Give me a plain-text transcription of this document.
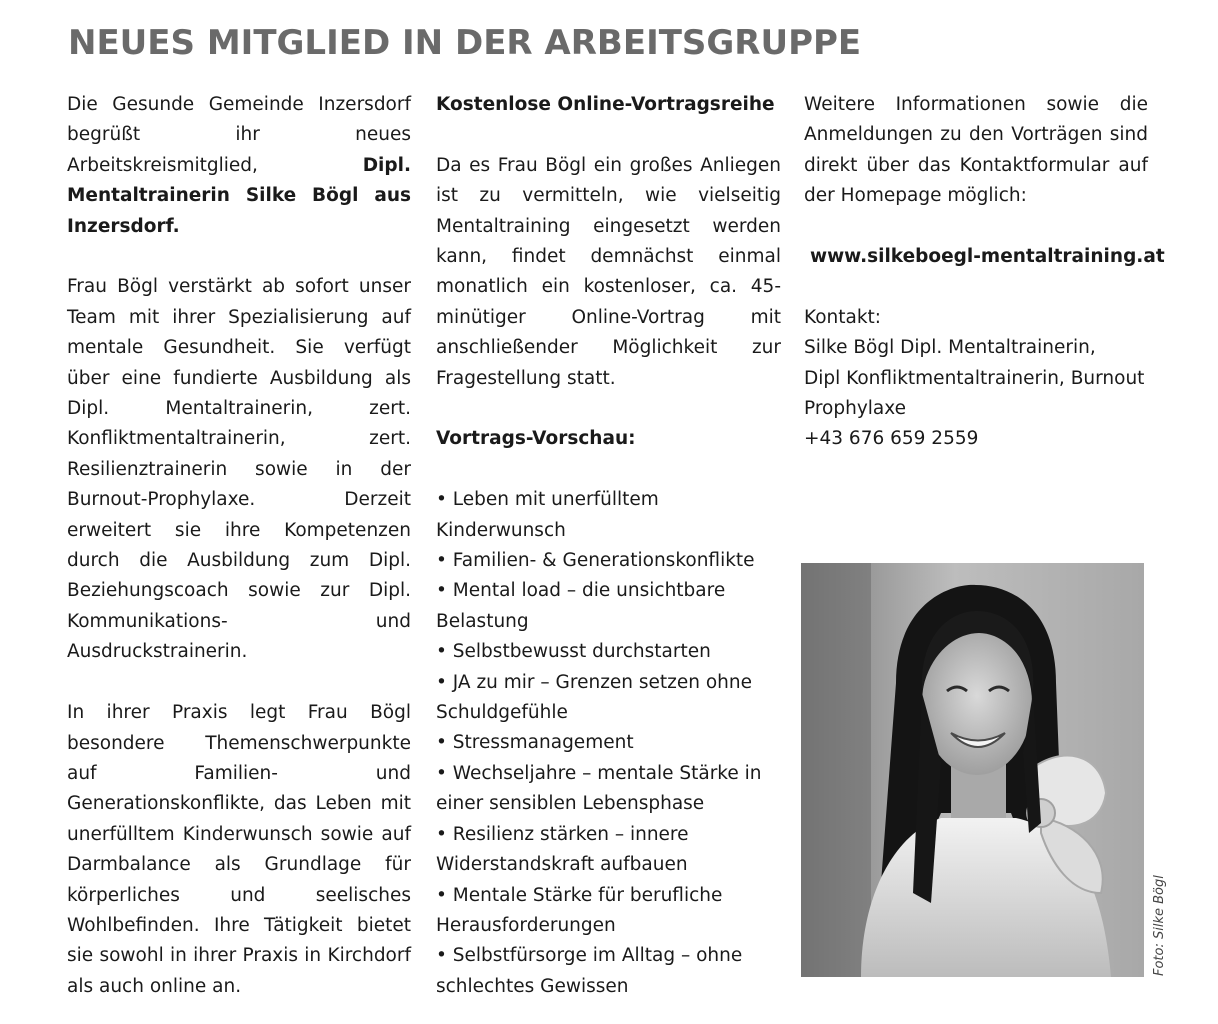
NEUES MITGLIED IN DER ARBEITSGRUPPE

Die Gesunde Gemeinde Inzersdorf begrüßt ihr neues Arbeitskreismitglied,	Dipl. Mentaltrainerin Silke Bögl aus Inzersdorf.

Frau Bögl verstärkt ab sofort unser Team mit ihrer Spezialisierung auf mentale Gesundheit. Sie verfügt über eine fundierte Ausbildung als Dipl. Mentaltrainerin, zert. Konfliktmentaltrainerin, zert. Resilienztrainerin sowie in der Burnout-Prophylaxe. Derzeit erweitert sie ihre Kompetenzen durch die Ausbildung zum Dipl. Beziehungscoach sowie zur Dipl. Kommunikations- und Ausdruckstrainerin.

In ihrer Praxis legt Frau Bögl besondere Themenschwerpunkte auf Familien- und Generationskonflikte, das Leben mit unerfülltem Kinderwunsch sowie auf Darmbalance als Grundlage für körperliches und seelisches Wohlbefinden. Ihre Tätigkeit bietet sie sowohl in ihrer Praxis in Kirchdorf als auch online an.

Kostenlose Online-Vortragsreihe

Da es Frau Bögl ein großes Anliegen ist zu vermitteln, wie vielseitig Mentaltraining eingesetzt werden kann, findet demnächst einmal monatlich ein kostenloser, ca. 45-minütiger Online-Vortrag mit anschließender Möglichkeit zur Fragestellung statt.

Vortrags-Vorschau:

• Leben mit unerfülltem Kinderwunsch

• Familien- & Generationskonflikte

• Mental load – die unsichtbare Belastung

• Selbstbewusst durchstarten

• JA zu mir – Grenzen setzen ohne Schuldgefühle

• Stressmanagement

• Wechseljahre – mentale Stärke in einer sensiblen Lebensphase

• Resilienz stärken – innere Widerstandskraft aufbauen

• Mentale Stärke für berufliche Herausforderungen

• Selbstfürsorge im Alltag – ohne schlechtes Gewissen

Weitere Informationen sowie die Anmeldungen zu den Vorträgen sind direkt über das Kontaktformular auf der Homepage möglich:

www.silkeboegl-mentaltraining.at

Kontakt:

Silke Bögl Dipl. Mentaltrainerin,

Dipl Konfliktmentaltrainerin, Burnout Prophylaxe

+43 676 659 2559

Foto: Silke Bögl
